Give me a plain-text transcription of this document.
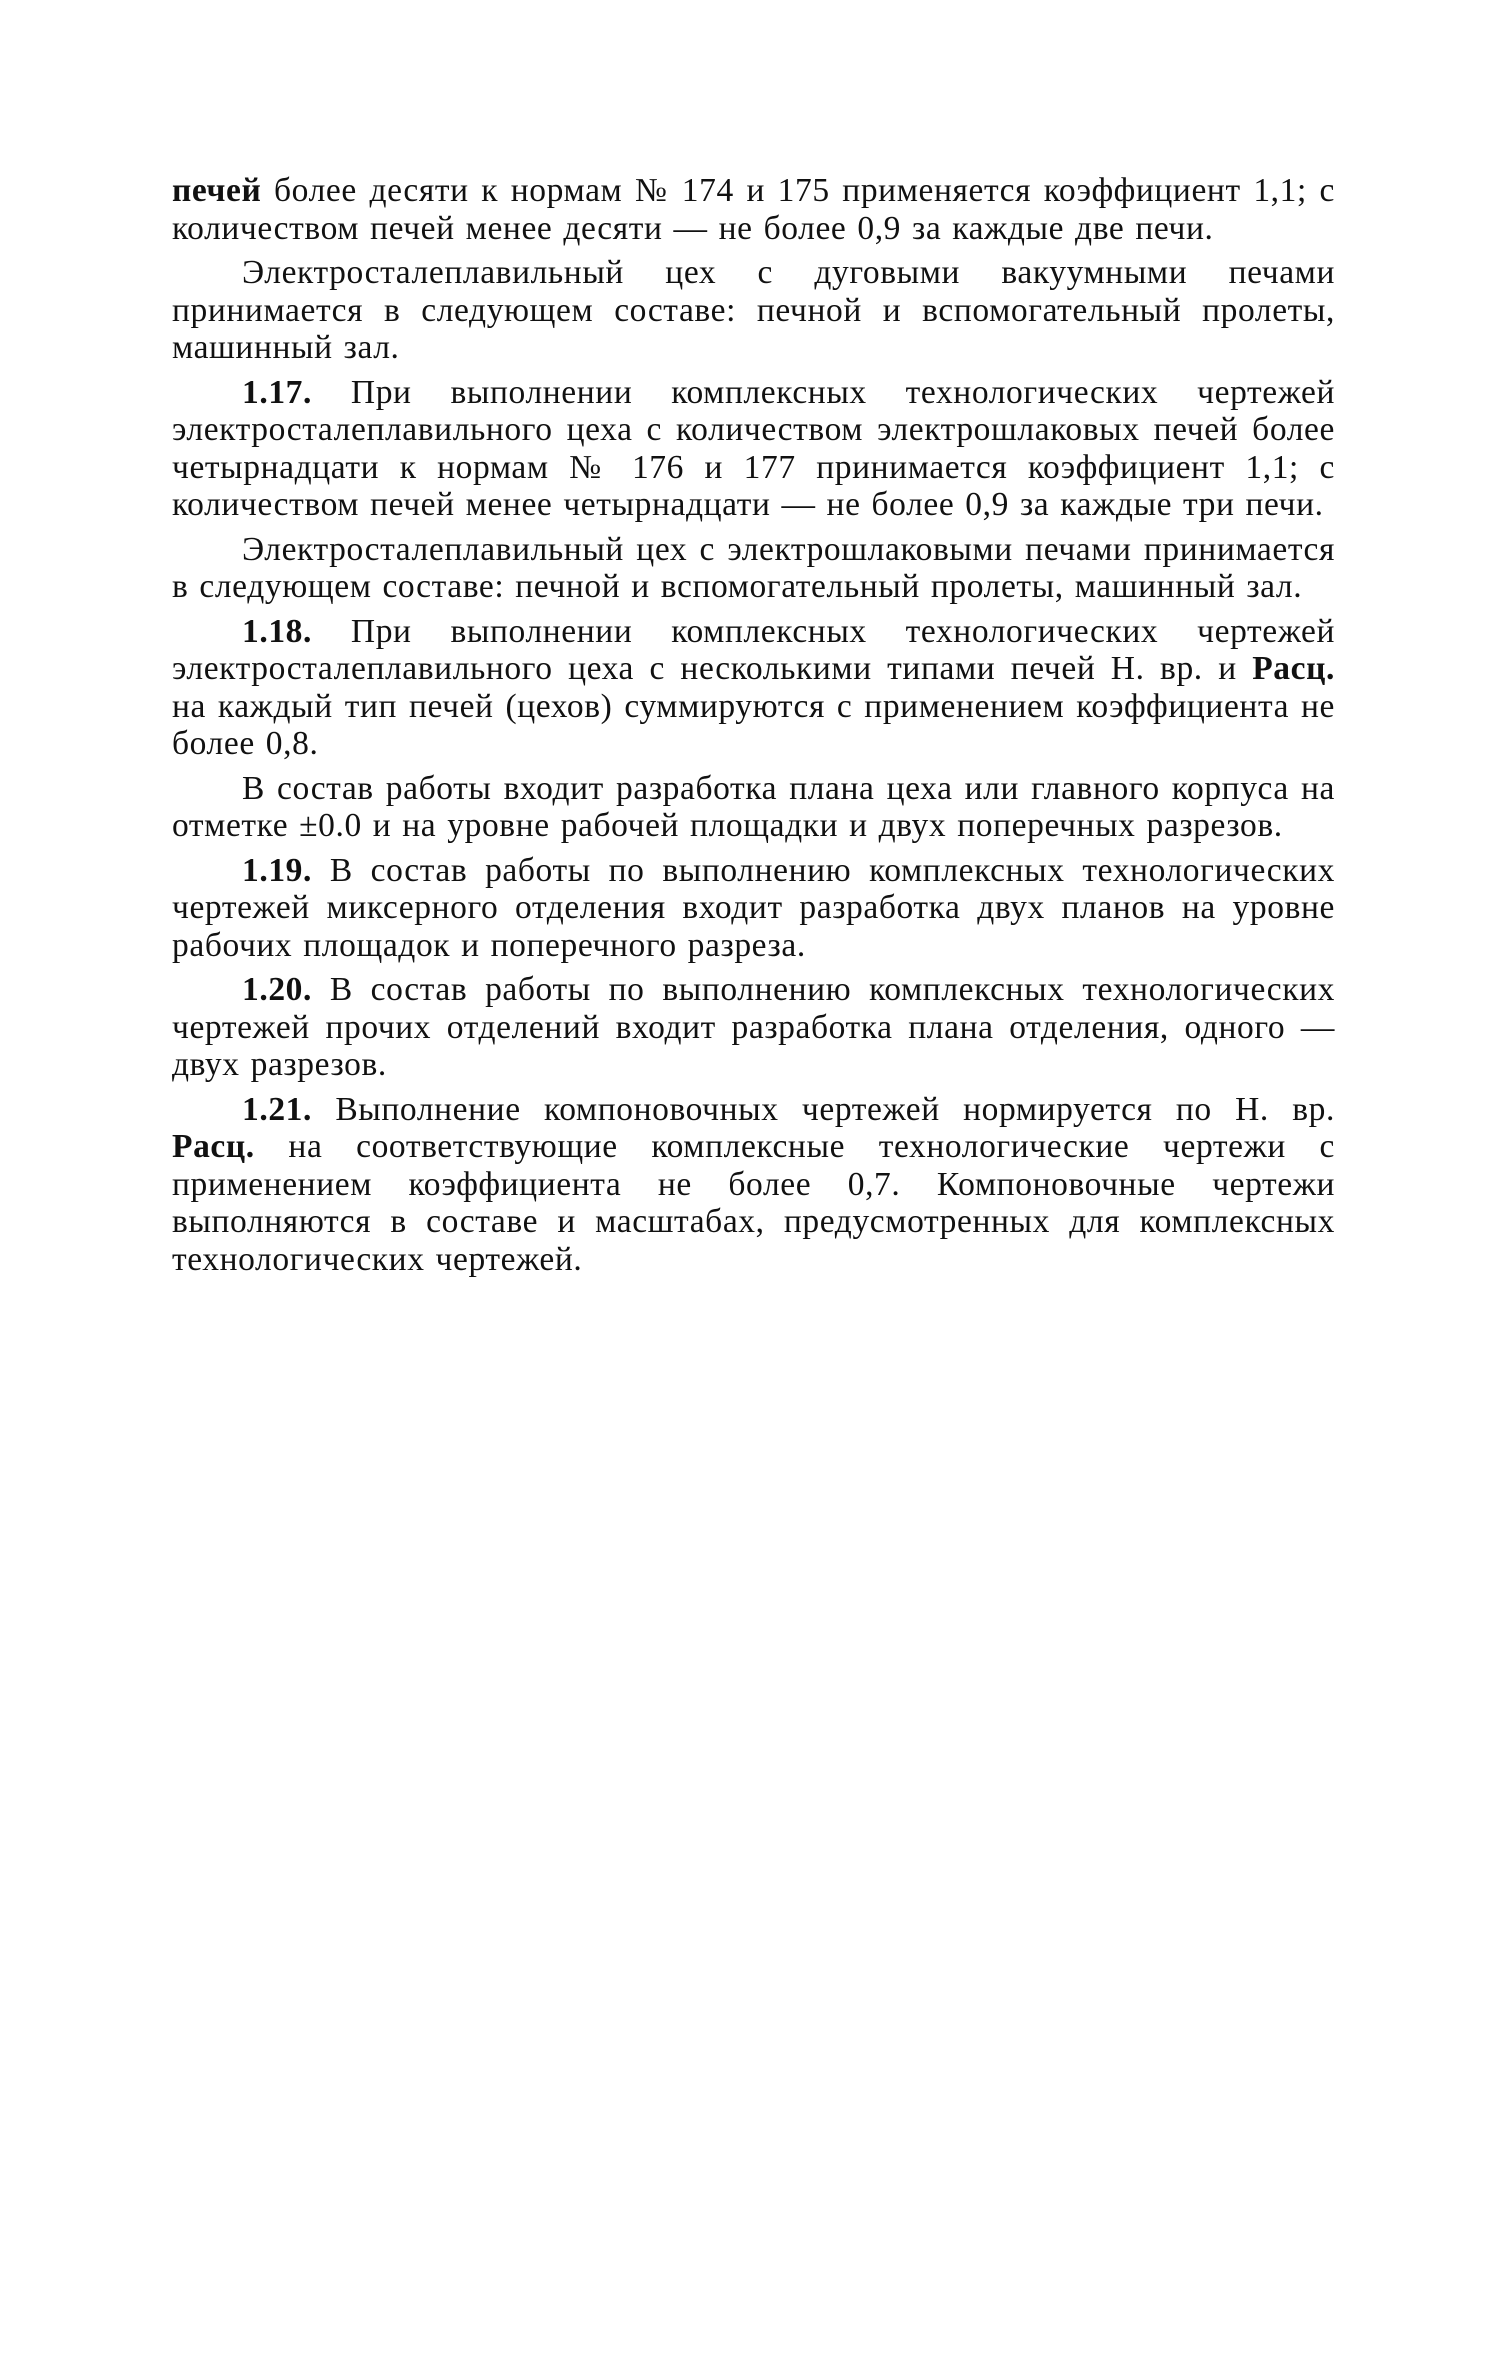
печей более десяти к нормам № 174 и 175 применяется коэффициент 1,1; с количеством печей менее десяти — не более 0,9 за каждые две печи.

Электросталеплавильный цех с дуговыми вакуумными печами принимается в следующем составе: печной и вспомогательный пролеты, машинный зал.

1.17. При выполнении комплексных технологических чертежей электросталеплавильного цеха с количеством электрошлаковых печей более четырнадцати к нормам № 176 и 177 принимается коэффициент 1,1; с количеством печей менее четырнадцати — не более 0,9 за каждые три печи.

Электросталеплавильный цех с электрошлаковыми печами принимается в следующем составе: печной и вспомогательный пролеты, машинный зал.

1.18. При выполнении комплексных технологических чертежей электросталеплавильного цеха с несколькими типами печей Н. вр. и Расц. на каждый тип печей (цехов) суммируются с применением коэффициента не более 0,8.

В состав работы входит разработка плана цеха или главного корпуса на отметке ±0.0 и на уровне рабочей площадки и двух поперечных разрезов.

1.19. В состав работы по выполнению комплексных технологических чертежей миксерного отделения входит разработка двух планов на уровне рабочих площадок и поперечного разреза.

1.20. В состав работы по выполнению комплексных технологических чертежей прочих отделений входит разработка плана отделения, одного — двух разрезов.

1.21. Выполнение компоновочных чертежей нормируется по Н. вр. Расц. на соответствующие комплексные технологические чертежи с применением коэффициента не более 0,7. Компоновочные чертежи выполняются в составе и масштабах, предусмотренных для комплексных технологических чертежей.
